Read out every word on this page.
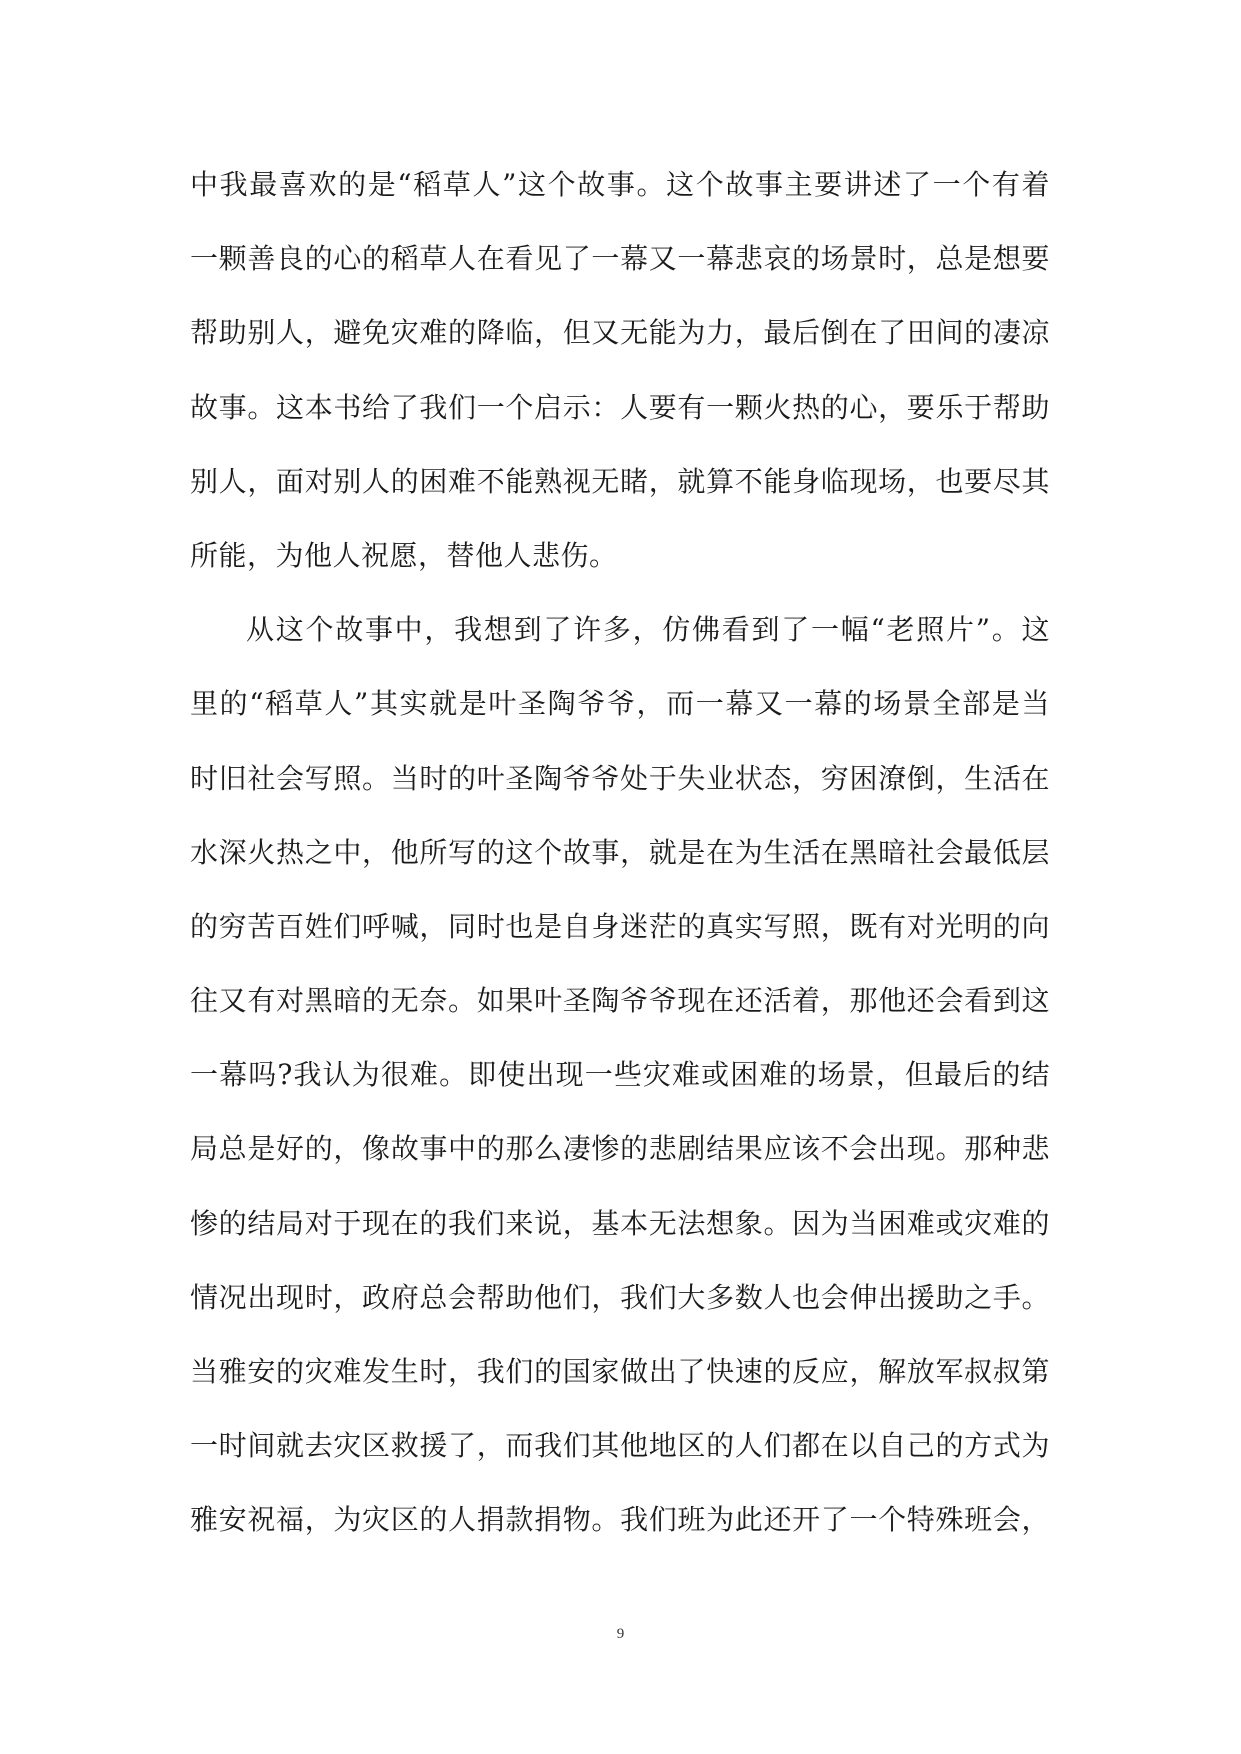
中我最喜欢的是“稻草人”这个故事。这个故事主要讲述了一个有着
一颗善良的心的稻草人在看见了一幕又一幕悲哀的场景时，总是想要
帮助别人，避免灾难的降临，但又无能为力，最后倒在了田间的凄凉
故事。这本书给了我们一个启示：人要有一颗火热的心，要乐于帮助
别人，面对别人的困难不能熟视无睹，就算不能身临现场，也要尽其
所能，为他人祝愿，替他人悲伤。
从这个故事中，我想到了许多，仿佛看到了一幅“老照片”。这
里的“稻草人”其实就是叶圣陶爷爷，而一幕又一幕的场景全部是当
时旧社会写照。当时的叶圣陶爷爷处于失业状态，穷困潦倒，生活在
水深火热之中，他所写的这个故事，就是在为生活在黑暗社会最低层
的穷苦百姓们呼喊，同时也是自身迷茫的真实写照，既有对光明的向
往又有对黑暗的无奈。如果叶圣陶爷爷现在还活着，那他还会看到这
一幕吗?我认为很难。即使出现一些灾难或困难的场景，但最后的结
局总是好的，像故事中的那么凄惨的悲剧结果应该不会出现。那种悲
惨的结局对于现在的我们来说，基本无法想象。因为当困难或灾难的
情况出现时，政府总会帮助他们，我们大多数人也会伸出援助之手。
当雅安的灾难发生时，我们的国家做出了快速的反应，解放军叔叔第
一时间就去灾区救援了，而我们其他地区的人们都在以自己的方式为
雅安祝福，为灾区的人捐款捐物。我们班为此还开了一个特殊班会，
9
